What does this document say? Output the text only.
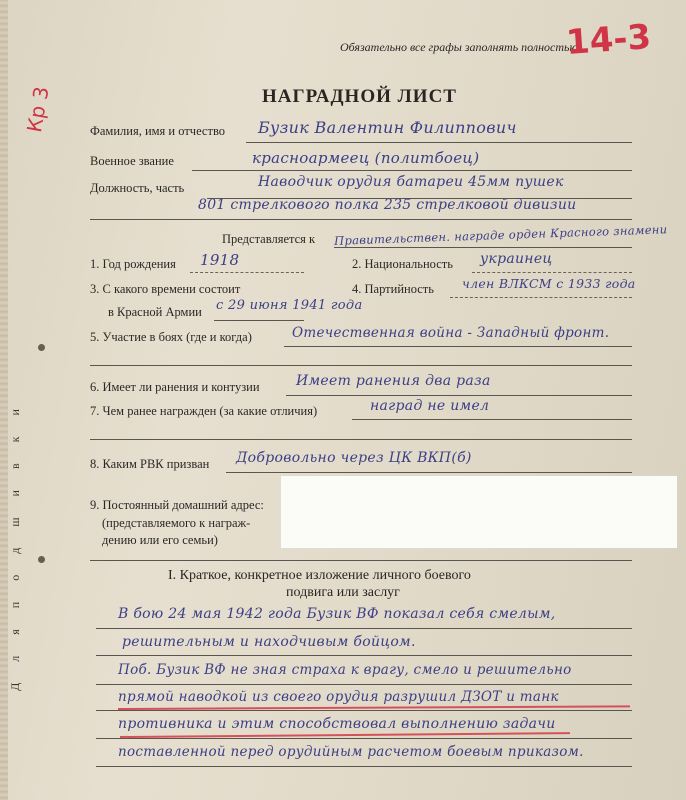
Д л я п о д ш и в к и
Обязательно все графы заполнять полностью.
14-3
Кр 3	НАГРАДНОЙ ЛИСТ
Фамилия, имя и отчество Бузик Валентин Филиппович
Военное звание	красноармеец (политбоец)
Должность, часть	Наводчик орудия батареи 45мм пушек
801 стрелкового полка 235 стрелковой дивизии
Представляется к Правительствен. награде орден Красного знамени
1. Год рождения 1918	2. Национальность украинец
3. С какого времени состоит
в Красной Армии с 29 июня 1941 года
4. Партийность член ВЛКСМ с 1933 года
5. Участие в боях (где и когда)	Отечественная война - Западный фронт.
6. Имеет ли ранения и контузии	Имеет ранения два раза
7. Чем ранее награжден (за какие отличия)	наград не имел
8. Каким РВК призван Добровольно через ЦК ВКП(б)
9. Постоянный домашний адрес:
(представляемого к награж-
дению или его семьи)
I. Краткое, конкретное изложение личного боевого
подвига или заслуг
В бою 24 мая 1942 года Бузик ВФ показал себя смелым,
решительным и находчивым бойцом.
Поб. Бузик ВФ не зная страха к врагу, смело и решительно
прямой наводкой из своего орудия разрушил ДЗОТ и танк
противника и этим способствовал выполнению задачи
поставленной перед орудийным расчетом боевым приказом.
